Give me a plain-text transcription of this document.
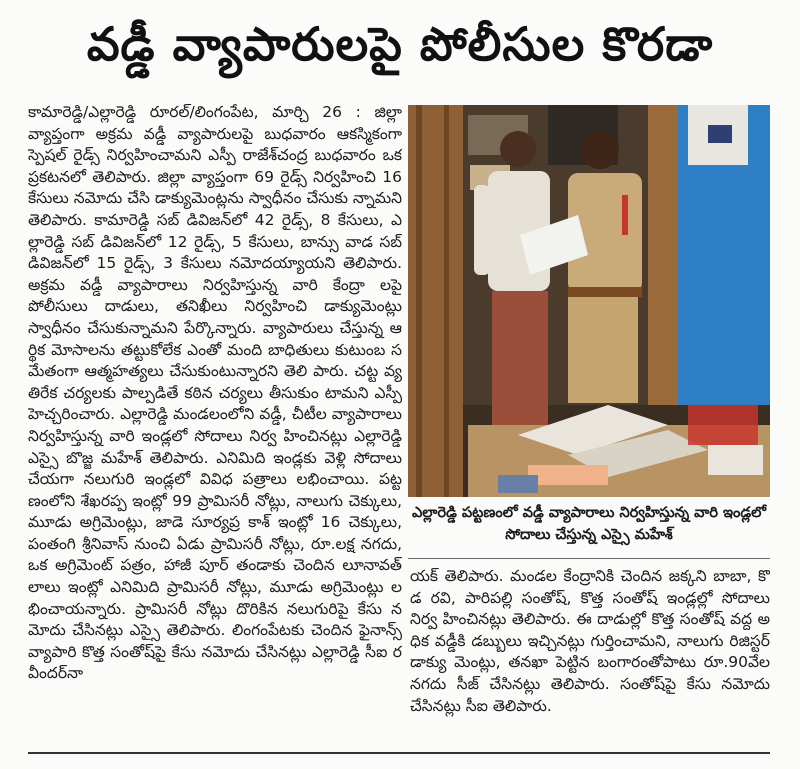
వడ్డీ వ్యాపారులపై పోలీసుల కొరడా

కామారెడ్డి/ఎల్లారెడ్డి రూరల్/లింగంపేట, మార్చి 26 : జిల్లా వ్యాప్తంగా అక్రమ వడ్డీ వ్యాపారులపై బుధవారం ఆకస్మికంగా స్పెషల్ రైడ్స్ నిర్వహించామని ఎస్పీ రాజేశ్‌చంద్ర బుధవారం ఒక ప్రకటనలో తెలిపారు. జిల్లా వ్యాప్తంగా 69 రైడ్స్ నిర్వహించి 16 కేసులు నమోదు చేసి డాక్యుమెంట్లను స్వాధీనం చేసుకు న్నామని తెలిపారు. కామారెడ్డి సబ్ డివిజన్‌లో 42 రైడ్స్, 8 కేసులు, ఎల్లారెడ్డి సబ్ డివిజన్‌లో 12 రైడ్స్, 5 కేసులు, బాన్సు వాడ సబ్ డివిజన్‌లో 15 రైడ్స్, 3 కేసులు నమోదయ్యాయని తెలిపారు. అక్రమ వడ్డీ వ్యాపారాలు నిర్వహిస్తున్న వారి కేంద్రా లపై పోలీసులు దాడులు, తనిఖీలు నిర్వహించి డాక్యుమెంట్లు స్వాధీనం చేసుకున్నామని పేర్కొన్నారు. వ్యాపారులు చేస్తున్న ఆర్థిక మోసాలను తట్టుకోలేక ఎంతో మంది బాధితులు కుటుంబ సమేతంగా ఆత్మహత్యలు చేసుకుంటున్నారని తెలి పారు. చట్ట వ్యతిరేక చర్యలకు పాల్పడితే కఠిన చర్యలు తీసుకుం టామని ఎస్పీ హెచ్చరించారు. ఎల్లారెడ్డి మండలంలోని వడ్డీ, చీటీల వ్యాపారాలు నిర్వహిస్తున్న వారి ఇండ్లలో సోదాలు నిర్వ హించినట్లు ఎల్లారెడ్డి ఎస్సై బొజ్జ మహేశ్ తెలిపారు. ఎనిమిది ఇండ్లకు వెళ్లి సోదాలు చేయగా నలుగురి ఇండ్లలో వివిధ పత్రాలు లభించాయి. పట్టణంలోని శేఖరప్ప ఇంట్లో 99 ప్రామిసరీ నోట్లు, నాలుగు చెక్కులు, మూడు అగ్రిమెంట్లు, జాడె సూర్యప్ర కాశ్ ఇంట్లో 16 చెక్కులు, పంతంగి శ్రీనివాస్ నుంచి ఏడు ప్రామిసరీ నోట్లు, రూ.లక్ష నగదు, ఒక అగ్రిమెంట్ పత్రం, హాజీ పూర్ తండాకు చెందిన లూనావత్ లాలు ఇంట్లో ఎనిమిది ప్రామిసరీ నోట్లు, మూడు అగ్రిమెంట్లు లభించాయన్నారు. ప్రామిసరీ నోట్లు దొరికిన నలుగురిపై కేసు నమోదు చేసినట్లు ఎస్సై తెలిపారు. లింగంపేటకు చెందిన ఫైనాన్స్ వ్యాపారి కొత్త సంతోష్‌పై కేసు నమోదు చేసినట్లు ఎల్లారెడ్డి సీఐ రవీందర్‌నా

ఎల్లారెడ్డి పట్టణంలో వడ్డీ వ్యాపారాలు నిర్వహిస్తున్న వారి ఇండ్లలో సోదాలు చేస్తున్న ఎస్సై మహేశ్

యక్ తెలిపారు. మండల కేంద్రానికి చెందిన జక్కని బాబా, కొ డ రవి, పారిపల్లి సంతోష్, కొత్త సంతోష్ ఇండ్లల్లో సోదాలు నిర్వ హించినట్లు తెలిపారు. ఈ దాడుల్లో కొత్త సంతోష్ వద్ద అధిక వడ్డీకి డబ్బులు ఇచ్చినట్లు గుర్తించామని, నాలుగు రిజిస్టర్ డాక్యు మెంట్లు, తనఖా పెట్టిన బంగారంతోపాటు రూ.90వేల నగదు సీజ్ చేసినట్లు తెలిపారు. సంతోష్‌పై కేసు నమోదు చేసినట్లు సీఐ తెలిపారు.
